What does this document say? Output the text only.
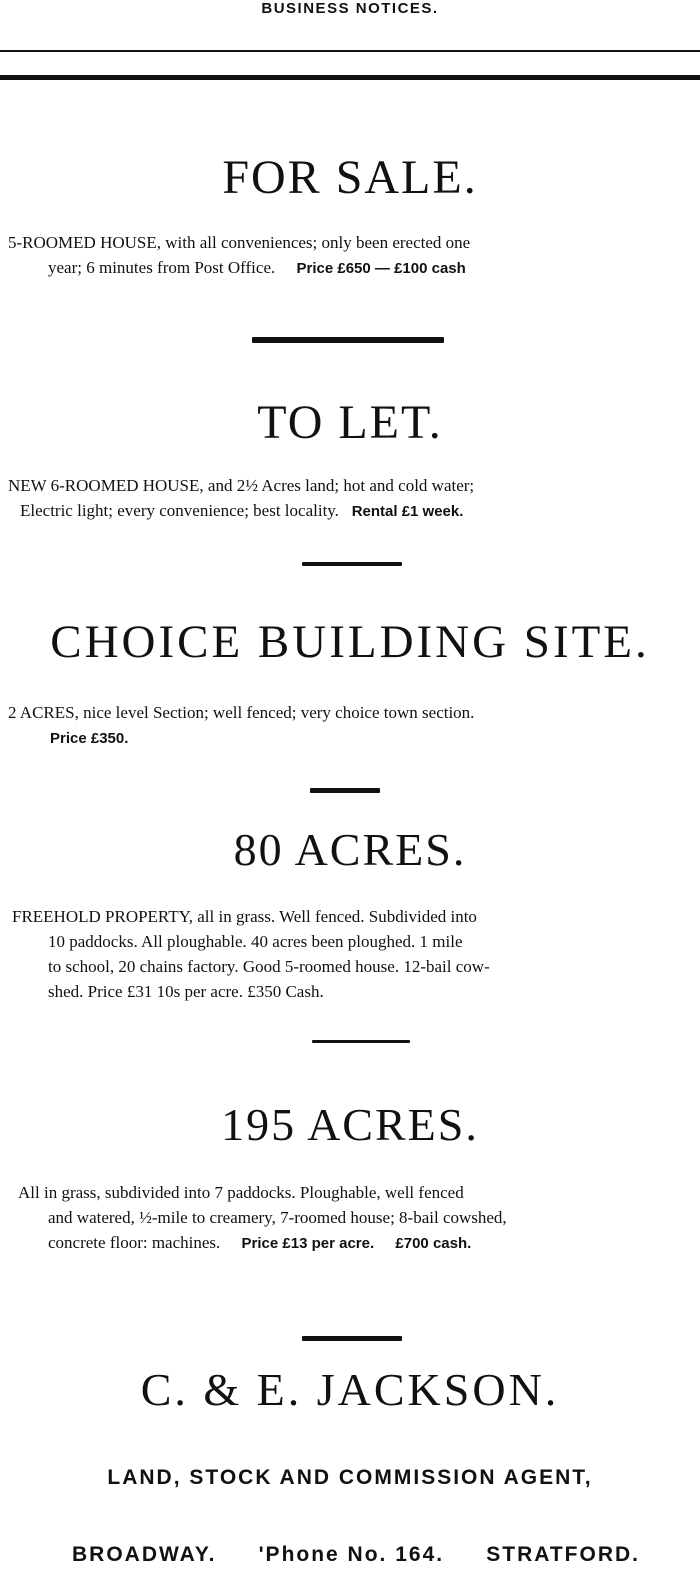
BUSINESS NOTICES.
FOR SALE.
5-ROOMED HOUSE, with all conveniences; only been erected one
year; 6 minutes from Post Office. Price £650 — £100 cash
TO LET.
NEW 6-ROOMED HOUSE, and 2½ Acres land; hot and cold water;
Electric light; every convenience; best locality. Rental £1 week.
CHOICE BUILDING SITE.
2 ACRES, nice level Section; well fenced; very choice town section.
Price £350.
80 ACRES.
FREEHOLD PROPERTY, all in grass. Well fenced. Subdivided into
10 paddocks. All ploughable. 40 acres been ploughed. 1 mile
to school, 20 chains factory. Good 5-roomed house. 12-bail cow-
shed. Price £31 10s per acre. £350 Cash.
195 ACRES.
All in grass, subdivided into 7 paddocks. Ploughable, well fenced
and watered, ½-mile to creamery, 7-roomed house; 8-bail cowshed,
concrete floor: machines. Price £13 per acre. £700 cash.
C. & E. JACKSON.
LAND, STOCK AND COMMISSION AGENT,
BROADWAY. 'Phone No. 164. STRATFORD.
